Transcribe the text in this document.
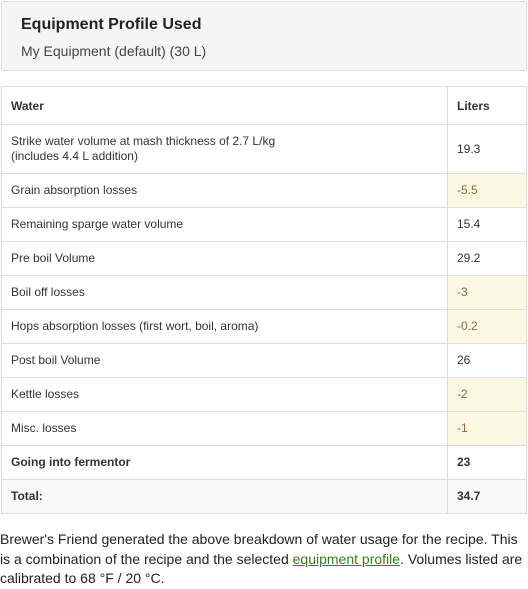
Equipment Profile Used
My Equipment (default) (30 L)
Water	Liters
Strike water volume at mash thickness of 2.7 L/kg
(includes 4.4 L addition)	19.3
Grain absorption losses	-5.5
Remaining sparge water volume	15.4
Pre boil Volume	29.2
Boil off losses	-3
Hops absorption losses (first wort, boil, aroma)	-0.2
Post boil Volume	26
Kettle losses	-2
Misc. losses	-1
Going into fermentor	23
Total:	34.7
Brewer's Friend generated the above breakdown of water usage for the recipe. This is a combination of the recipe and the selected equipment profile. Volumes listed are calibrated to 68 °F / 20 °C.
